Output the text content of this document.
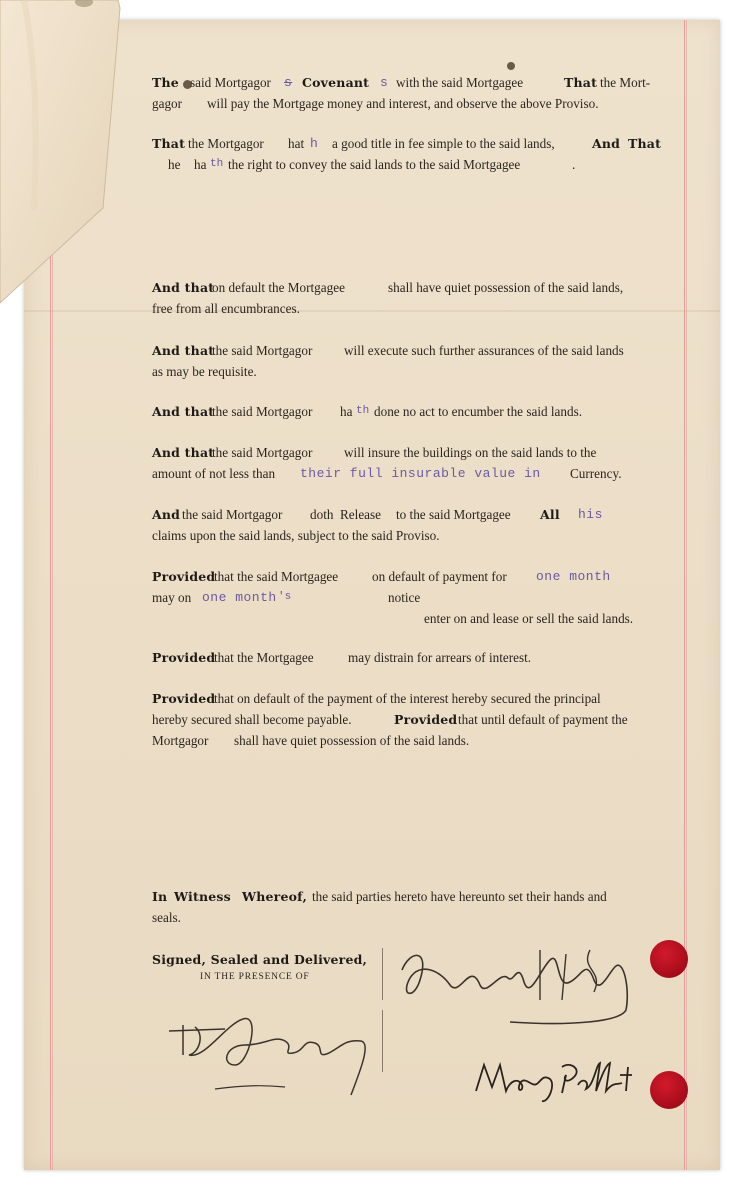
The said Mortgagor s Covenant s with the said Mortgagee	That the Mort-
gagor will pay the Mortgage money and interest, and observe the above Proviso.
That the Mortgagor hat h a good title in fee simple to the said lands,	And That
he ha th the right to convey the said lands to the said Mortgagee	.
And that
on default the Mortgagee	shall have quiet possession of the said lands,
free from all encumbrances.
And that
the said Mortgagor will execute such further assurances of the said lands
as may be requisite.
And that
the said Mortgagor ha th done no act to encumber the said lands.
And that
the said Mortgagor will insure the buildings on the said lands to the
amount of not less than their full insurable value in Currency.
And the said Mortgagor doth Release to the said Mortgagee All his
claims upon the said lands, subject to the said Proviso.
Provided
that the said Mortgagee	on default of payment for one month
may on one month 's	notice
enter on and lease or sell the said lands.
Provided
that the Mortgagee	may distrain for arrears of interest.
Provided
that on default of the payment of the interest hereby secured the principal
hereby secured shall become payable.	Provided that until default of payment the
Mortgagor shall have quiet possession of the said lands.
In Witness Whereof, the said parties hereto have hereunto set their hands and
seals.
Signed, Sealed and Delivered,
IN THE PRESENCE OF
